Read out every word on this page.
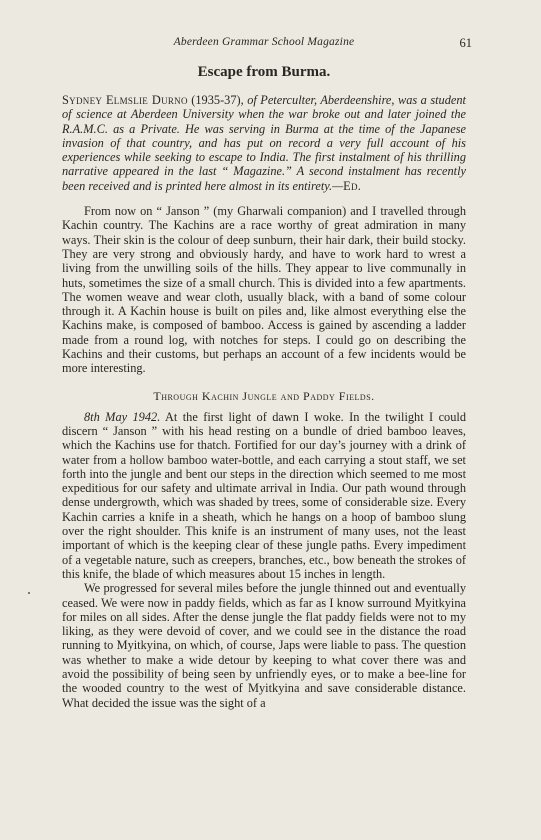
Aberdeen Grammar School Magazine	61
Escape from Burma.

Sydney Elmslie Durno (1935-37), of Peterculter, Aberdeenshire, was a student of science at Aberdeen University when the war broke out and later joined the R.A.M.C. as a Private. He was serving in Burma at the time of the Japanese invasion of that country, and has put on record a very full account of his experiences while seeking to escape to India. The first instalment of his thrilling narrative appeared in the last “ Magazine.” A second instalment has recently been received and is printed here almost in its entirety.—Ed.

From now on “ Janson ” (my Gharwali companion) and I travelled through Kachin country. The Kachins are a race worthy of great admiration in many ways. Their skin is the colour of deep sunburn, their hair dark, their build stocky. They are very strong and obviously hardy, and have to work hard to wrest a living from the unwilling soils of the hills. They appear to live communally in huts, sometimes the size of a small church. This is divided into a few apartments. The women weave and wear cloth, usually black, with a band of some colour through it. A Kachin house is built on piles and, like almost everything else the Kachins make, is composed of bamboo. Access is gained by ascending a ladder made from a round log, with notches for steps. I could go on describing the Kachins and their customs, but perhaps an account of a few incidents would be more interesting.

Through Kachin Jungle and Paddy Fields.

8th May 1942. At the first light of dawn I woke. In the twilight I could discern “ Janson ” with his head resting on a bundle of dried bamboo leaves, which the Kachins use for thatch. Fortified for our day’s journey with a drink of water from a hollow bamboo water-bottle, and each carrying a stout staff, we set forth into the jungle and bent our steps in the direction which seemed to me most expeditious for our safety and ultimate arrival in India. Our path wound through dense undergrowth, which was shaded by trees, some of considerable size. Every Kachin carries a knife in a sheath, which he hangs on a hoop of bamboo slung over the right shoulder. This knife is an instrument of many uses, not the least important of which is the keeping clear of these jungle paths. Every impediment of a vegetable nature, such as creepers, branches, etc., bow beneath the strokes of this knife, the blade of which measures about 15 inches in length.

We progressed for several miles before the jungle thinned out and eventually ceased. We were now in paddy fields, which as far as I know surround Myitkyina for miles on all sides. After the dense jungle the flat paddy fields were not to my liking, as they were devoid of cover, and we could see in the distance the road running to Myitkyina, on which, of course, Japs were liable to pass. The question was whether to make a wide detour by keeping to what cover there was and avoid the possibility of being seen by unfriendly eyes, or to make a bee-line for the wooded country to the west of Myitkyina and save considerable distance. What decided the issue was the sight of a
